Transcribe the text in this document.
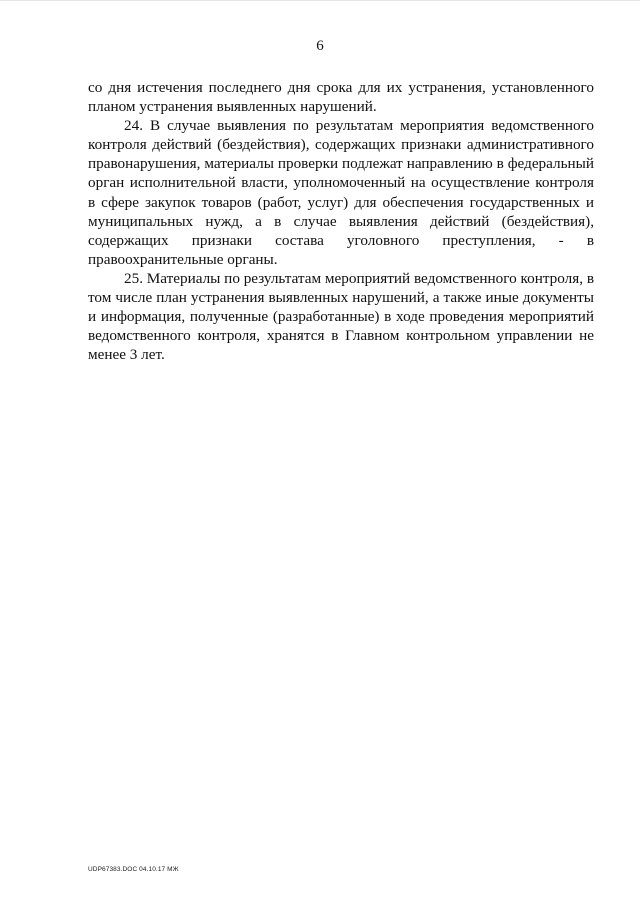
6

со дня истечения последнего дня срока для их устранения, установленного планом устранения выявленных нарушений.

24. В случае выявления по результатам мероприятия ведомственного контроля действий (бездействия), содержащих признаки административного правонарушения, материалы проверки подлежат направлению в федеральный орган исполнительной власти, уполномоченный на осуществление контроля в сфере закупок товаров (работ, услуг) для обеспечения государственных и муниципальных нужд, а в случае выявления действий (бездействия), содержащих признаки состава уголовного преступления, - в правоохранительные органы.

25. Материалы по результатам мероприятий ведомственного контроля, в том числе план устранения выявленных нарушений, а также иные документы и информация, полученные (разработанные) в ходе проведения мероприятий ведомственного контроля, хранятся в Главном контрольном управлении не менее 3 лет.

UDP67383.DOC 04.10.17 МЖ
